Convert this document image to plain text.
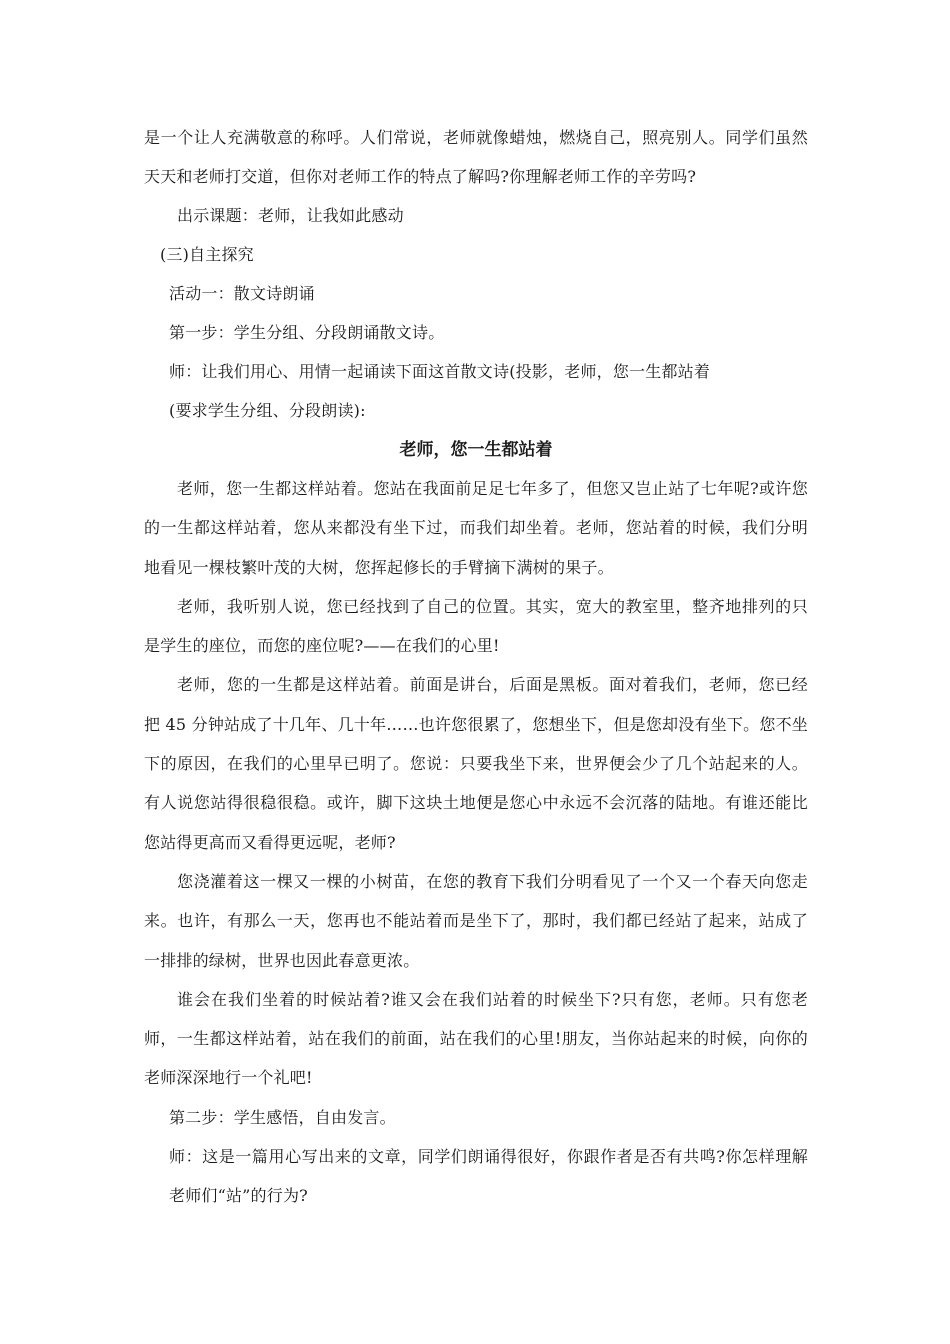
是一个让人充满敬意的称呼。人们常说，老师就像蜡烛，燃烧自己，照亮别人。同学们虽然天天和老师打交道，但你对老师工作的特点了解吗?你理解老师工作的辛劳吗?

出示课题：老师，让我如此感动

(三)自主探究

活动一：散文诗朗诵

第一步：学生分组、分段朗诵散文诗。

师：让我们用心、用情一起诵读下面这首散文诗(投影，老师，您一生都站着

(要求学生分组、分段朗读):

老师，您一生都站着

老师，您一生都这样站着。您站在我面前足足七年多了，但您又岂止站了七年呢?或许您的一生都这样站着，您从来都没有坐下过，而我们却坐着。老师，您站着的时候，我们分明地看见一棵枝繁叶茂的大树，您挥起修长的手臂摘下满树的果子。

老师，我听别人说，您已经找到了自己的位置。其实，宽大的教室里，整齐地排列的只是学生的座位，而您的座位呢?——在我们的心里!

老师，您的一生都是这样站着。前面是讲台，后面是黑板。面对着我们，老师，您已经把 45 分钟站成了十几年、几十年……也许您很累了，您想坐下，但是您却没有坐下。您不坐下的原因，在我们的心里早已明了。您说：只要我坐下来，世界便会少了几个站起来的人。有人说您站得很稳很稳。或许，脚下这块土地便是您心中永远不会沉落的陆地。有谁还能比您站得更高而又看得更远呢，老师?

您浇灌着这一棵又一棵的小树苗，在您的教育下我们分明看见了一个又一个春天向您走来。也许，有那么一天，您再也不能站着而是坐下了，那时，我们都已经站了起来，站成了一排排的绿树，世界也因此春意更浓。

谁会在我们坐着的时候站着?谁又会在我们站着的时候坐下?只有您，老师。只有您老师，一生都这样站着，站在我们的前面，站在我们的心里!朋友，当你站起来的时候，向你的老师深深地行一个礼吧!

第二步：学生感悟，自由发言。

师：这是一篇用心写出来的文章，同学们朗诵得很好，你跟作者是否有共鸣?你怎样理解老师们“站”的行为?
